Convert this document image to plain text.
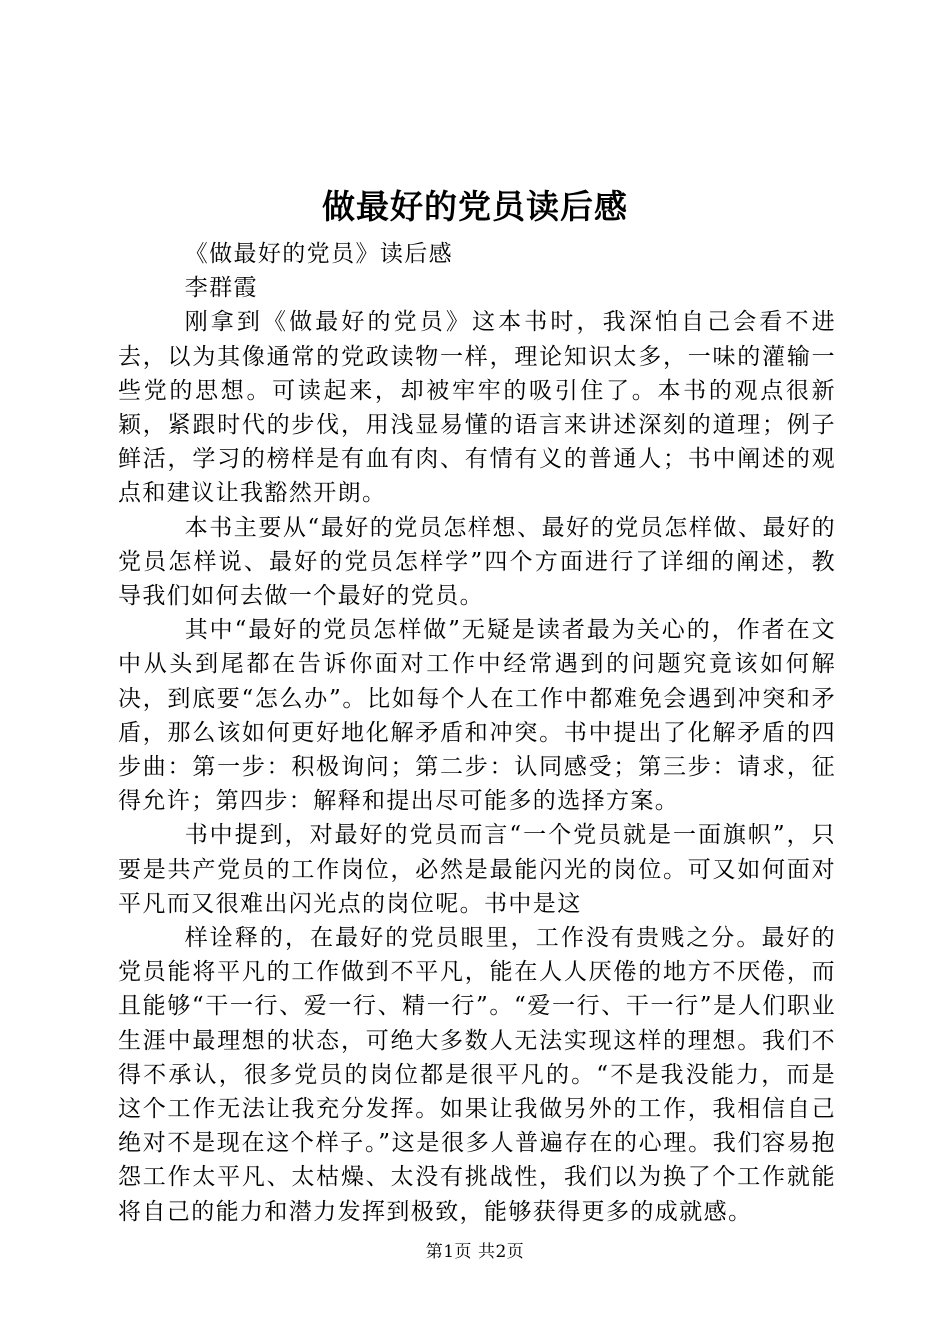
做最好的党员读后感

《做最好的党员》读后感

李群霞

刚拿到《做最好的党员》这本书时，我深怕自己会看不进去，以为其像通常的党政读物一样，理论知识太多，一味的灌输一些党的思想。可读起来，却被牢牢的吸引住了。本书的观点很新颖，紧跟时代的步伐，用浅显易懂的语言来讲述深刻的道理；例子鲜活，学习的榜样是有血有肉、有情有义的普通人；书中阐述的观点和建议让我豁然开朗。

本书主要从“最好的党员怎样想、最好的党员怎样做、最好的党员怎样说、最好的党员怎样学”四个方面进行了详细的阐述，教导我们如何去做一个最好的党员。

其中“最好的党员怎样做”无疑是读者最为关心的，作者在文中从头到尾都在告诉你面对工作中经常遇到的问题究竟该如何解决，到底要“怎么办”。比如每个人在工作中都难免会遇到冲突和矛盾，那么该如何更好地化解矛盾和冲突。书中提出了化解矛盾的四步曲：第一步：积极询问；第二步：认同感受；第三步：请求，征得允许；第四步：解释和提出尽可能多的选择方案。

书中提到，对最好的党员而言“一个党员就是一面旗帜”，只要是共产党员的工作岗位，必然是最能闪光的岗位。可又如何面对平凡而又很难出闪光点的岗位呢。书中是这

样诠释的，在最好的党员眼里，工作没有贵贱之分。最好的党员能将平凡的工作做到不平凡，能在人人厌倦的地方不厌倦，而且能够“干一行、爱一行、精一行”。“爱一行、干一行”是人们职业生涯中最理想的状态，可绝大多数人无法实现这样的理想。我们不得不承认，很多党员的岗位都是很平凡的。“不是我没能力，而是这个工作无法让我充分发挥。如果让我做另外的工作，我相信自己绝对不是现在这个样子。”这是很多人普遍存在的心理。我们容易抱怨工作太平凡、太枯燥、太没有挑战性，我们以为换了个工作就能将自己的能力和潜力发挥到极致，能够获得更多的成就感。

第1页 共2页
